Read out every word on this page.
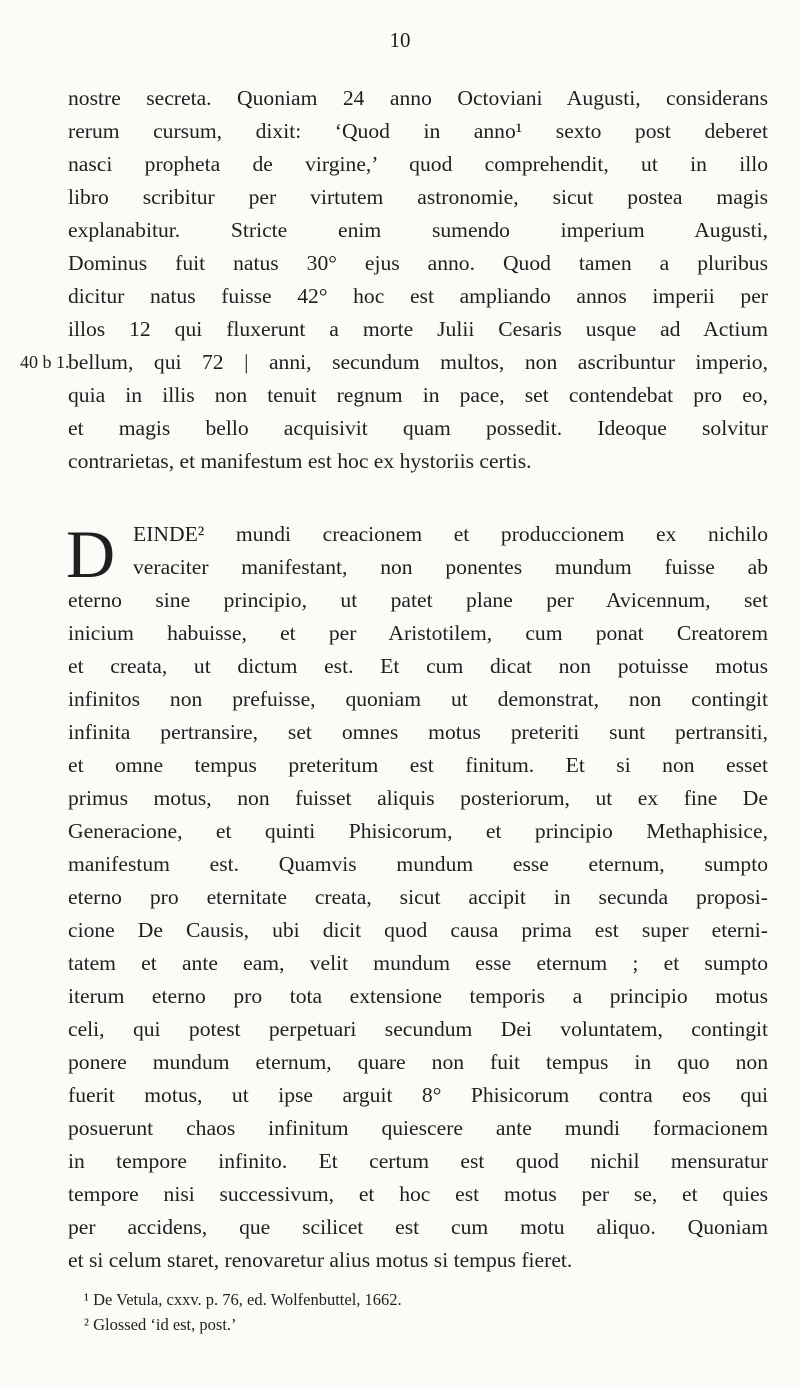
10
nostre secreta. Quoniam 24 anno Octoviani Augusti, considerans
rerum cursum, dixit: ‘Quod in anno¹ sexto post deberet
nasci propheta de virgine,’ quod comprehendit, ut in illo
libro scribitur per virtutem astronomie, sicut postea magis
explanabitur. Stricte enim sumendo imperium Augusti,
Dominus fuit natus 30° ejus anno. Quod tamen a pluribus
dicitur natus fuisse 42° hoc est ampliando annos imperii per
illos 12 qui fluxerunt a morte Julii Cesaris usque ad Actium
40 b 1.
bellum, qui 72 | anni, secundum multos, non ascribuntur imperio,
quia in illis non tenuit regnum in pace, set contendebat pro eo,
et magis bello acquisivit quam possedit. Ideoque solvitur
contrarietas, et manifestum est hoc ex hystoriis certis.
D EINDE² mundi creacionem et produccionem ex nichilo
veraciter manifestant, non ponentes mundum fuisse ab
eterno sine principio, ut patet plane per Avicennum, set
inicium habuisse, et per Aristotilem, cum ponat Creatorem
et creata, ut dictum est. Et cum dicat non potuisse motus
infinitos non prefuisse, quoniam ut demonstrat, non contingit
infinita pertransire, set omnes motus preteriti sunt pertransiti,
et omne tempus preteritum est finitum. Et si non esset
primus motus, non fuisset aliquis posteriorum, ut ex fine De
Generacione, et quinti Phisicorum, et principio Methaphisice,
manifestum est. Quamvis mundum esse eternum, sumpto
eterno pro eternitate creata, sicut accipit in secunda proposi-
cione De Causis, ubi dicit quod causa prima est super eterni-
tatem et ante eam, velit mundum esse eternum ; et sumpto
iterum eterno pro tota extensione temporis a principio motus
celi, qui potest perpetuari secundum Dei voluntatem, contingit
ponere mundum eternum, quare non fuit tempus in quo non
fuerit motus, ut ipse arguit 8° Phisicorum contra eos qui
posuerunt chaos infinitum quiescere ante mundi formacionem
in tempore infinito. Et certum est quod nichil mensuratur
tempore nisi successivum, et hoc est motus per se, et quies
per accidens, que scilicet est cum motu aliquo. Quoniam
et si celum staret, renovaretur alius motus si tempus fieret.
¹ De Vetula, cxxv. p. 76, ed. Wolfenbuttel, 1662.
² Glossed ‘id est, post.’
